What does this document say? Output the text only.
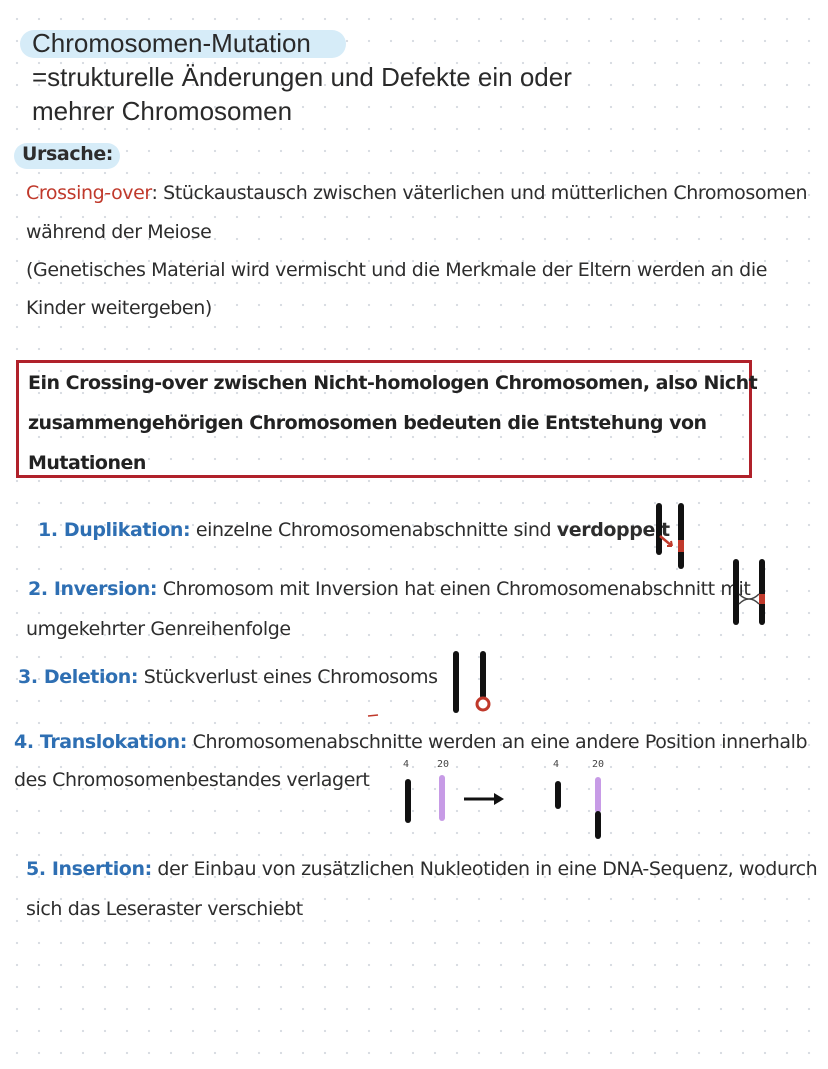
Chromosomen-Mutation
=strukturelle Änderungen und Defekte ein oder
mehrer Chromosomen
Ursache:
Crossing-over: Stückaustausch zwischen väterlichen und mütterlichen Chromosomen
während der Meiose
(Genetisches Material wird vermischt und die Merkmale der Eltern werden an die
Kinder weitergeben)
Ein Crossing-over zwischen Nicht-homologen Chromosomen, also Nicht
zusammengehörigen Chromosomen bedeuten die Entstehung von
Mutationen
1. Duplikation: einzelne Chromosomenabschnitte sind verdoppelt
2. Inversion: Chromosom mit Inversion hat einen Chromosomenabschnitt mit
umgekehrter Genreihenfolge
3. Deletion: Stückverlust eines Chromosoms
4. Translokation: Chromosomenabschnitte werden an eine andere Position innerhalb
des Chromosomenbestandes verlagert
4	20	4	20
5. Insertion: der Einbau von zusätzlichen Nukleotiden in eine DNA-Sequenz, wodurch
sich das Leseraster verschiebt
